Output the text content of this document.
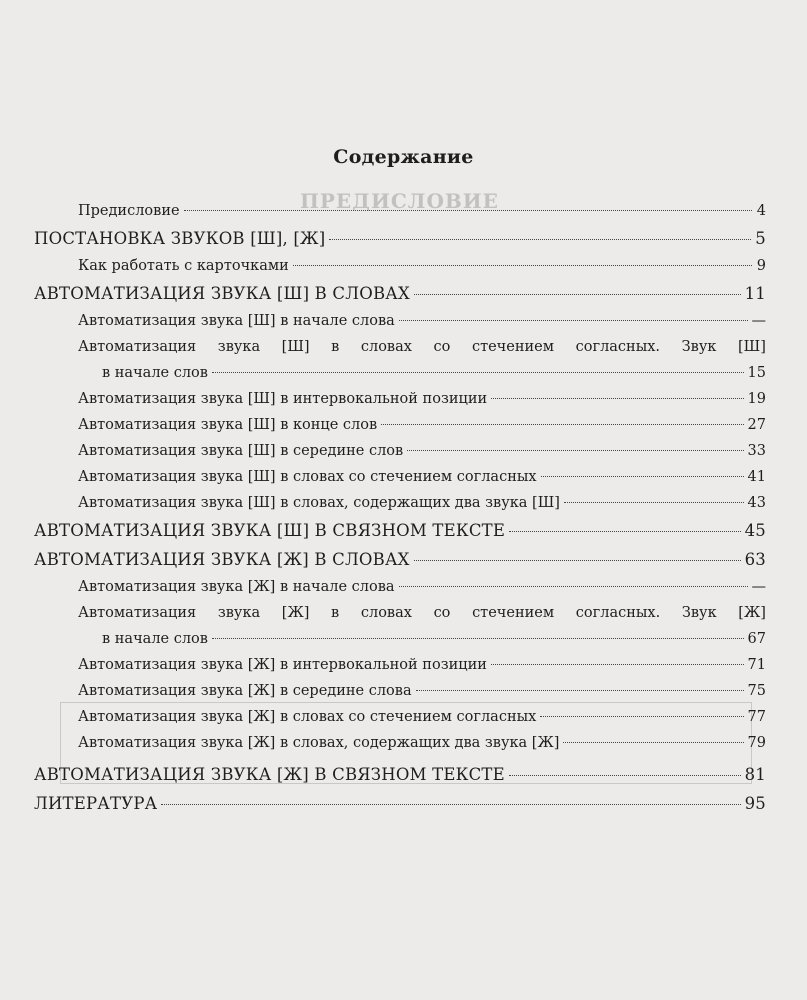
ПРЕДИСЛОВИЕ
Содержание
Предисловие	4
ПОСТАНОВКА ЗВУКОВ [Ш], [Ж]	5
Как работать с карточками	9
АВТОМАТИЗАЦИЯ ЗВУКА [Ш] В СЛОВАХ	11
Автоматизация звука [Ш] в начале слова	—
Автоматизация звука [Ш] в словах со стечением согласных. Звук [Ш]
в начале слов	15
Автоматизация звука [Ш] в интервокальной позиции	19
Автоматизация звука [Ш] в конце слов	27
Автоматизация звука [Ш] в середине слов	33
Автоматизация звука [Ш] в словах со стечением согласных	41
Автоматизация звука [Ш] в словах, содержащих два звука [Ш]	43
АВТОМАТИЗАЦИЯ ЗВУКА [Ш] В СВЯЗНОМ ТЕКСТЕ	45
АВТОМАТИЗАЦИЯ ЗВУКА [Ж] В СЛОВАХ	63
Автоматизация звука [Ж] в начале слова	—
Автоматизация звука [Ж] в словах со стечением согласных. Звук [Ж]
в начале слов	67
Автоматизация звука [Ж] в интервокальной позиции	71
Автоматизация звука [Ж] в середине слова	75
Автоматизация звука [Ж] в словах со стечением согласных	77
Автоматизация звука [Ж] в словах, содержащих два звука [Ж]	79
АВТОМАТИЗАЦИЯ ЗВУКА [Ж] В СВЯЗНОМ ТЕКСТЕ	81
ЛИТЕРАТУРА	95
